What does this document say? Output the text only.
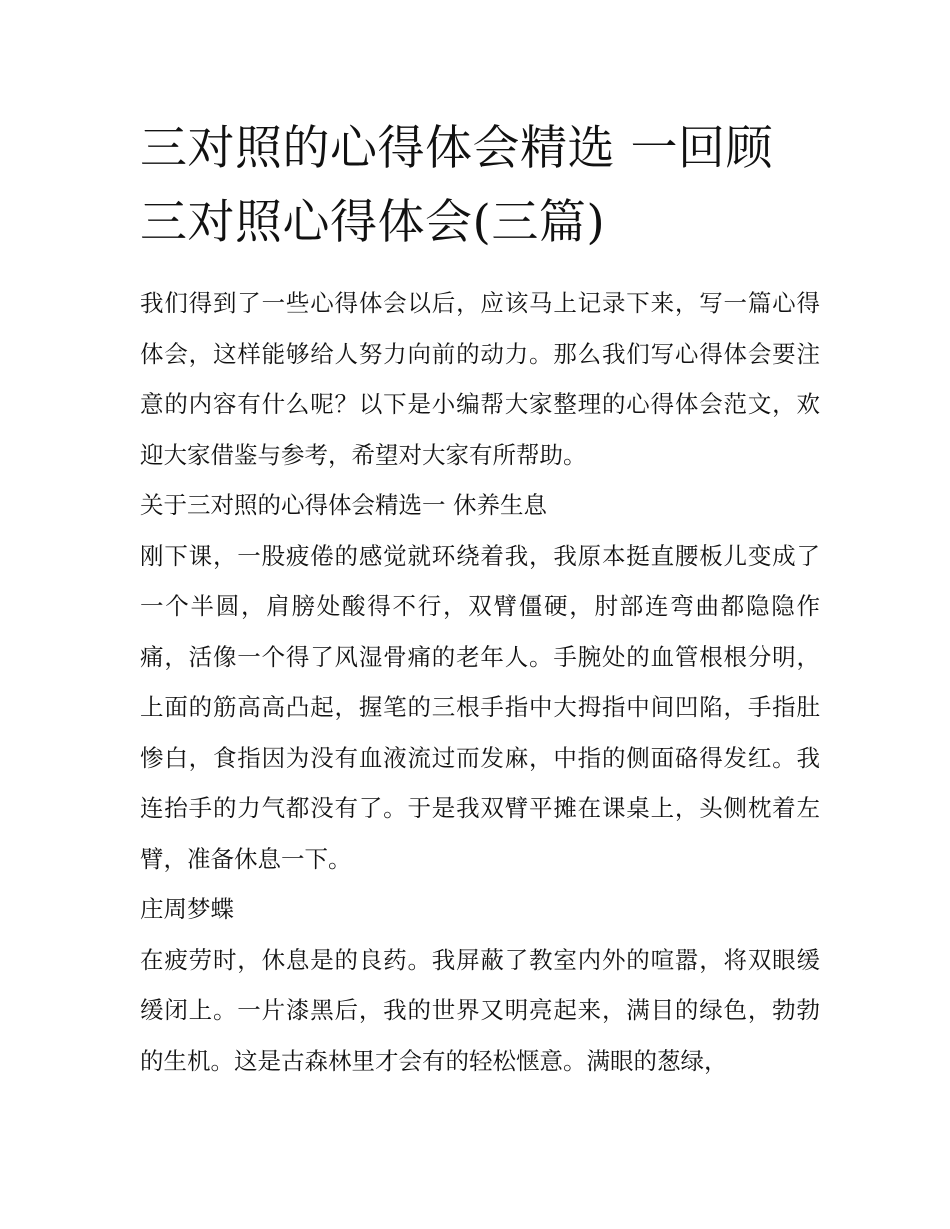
三对照的心得体会精选 一回顾三对照心得体会(三篇)

我们得到了一些心得体会以后，应该马上记录下来，写一篇心得体会，这样能够给人努力向前的动力。那么我们写心得体会要注意的内容有什么呢？以下是小编帮大家整理的心得体会范文，欢迎大家借鉴与参考，希望对大家有所帮助。

关于三对照的心得体会精选一 休养生息

刚下课，一股疲倦的感觉就环绕着我，我原本挺直腰板儿变成了一个半圆，肩膀处酸得不行，双臂僵硬，肘部连弯曲都隐隐作痛，活像一个得了风湿骨痛的老年人。手腕处的血管根根分明，上面的筋高高凸起，握笔的三根手指中大拇指中间凹陷，手指肚惨白，食指因为没有血液流过而发麻，中指的侧面硌得发红。我连抬手的力气都没有了。于是我双臂平摊在课桌上，头侧枕着左臂，准备休息一下。

庄周梦蝶

在疲劳时，休息是的良药。我屏蔽了教室内外的喧嚣，将双眼缓缓闭上。一片漆黑后，我的世界又明亮起来，满目的绿色，勃勃的生机。这是古森林里才会有的轻松惬意。满眼的葱绿，
